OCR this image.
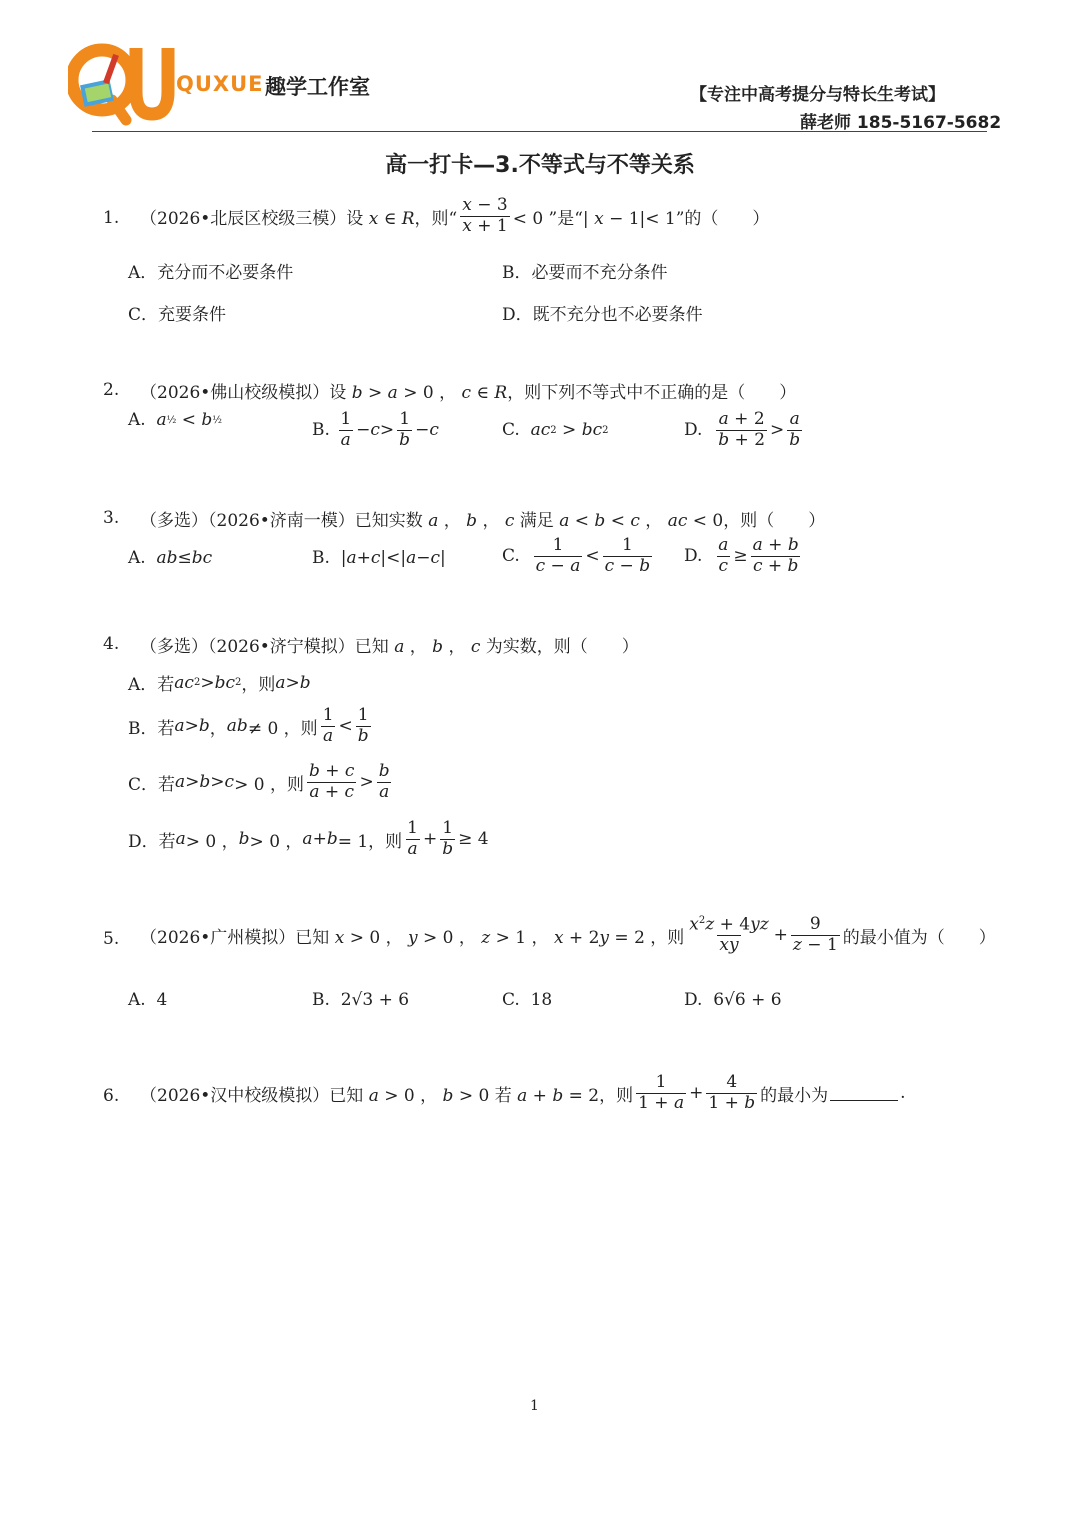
QUXUE 趣学工作室	【专注中高考提分与特长生考试】
薛老师 185-5167-5682
高一打卡—3.不等式与不等关系
1. （2026•北辰区校级三模） 设 x ∈ R，则“ $\frac{x - 3}{x + 1} < 0$ ”是“| x − 1|< 1”的（　　）
A．充分而不必要条件	B．必要而不充分条件
C．充要条件	D．既不充分也不必要条件
2. （2026•佛山校级模拟） 设 b > a > 0 ， c ∈ R ，则下列不等式中不正确的是（　　）
A. a ½ < b ½
B. $\frac{1}{a} - c > \frac{1}{b} - c$	C. ac 2 > bc 2	D. $\frac{a + 2}{b + 2} > \frac{a}{b}$
3. （多选）（2026•济南一模） 已知实数 a ， b ， c 满足 a < b < c ， ac < 0 ，则（　　）
A. ab ≤ bc	B.  | a + c |<| a − c |	C. $\frac{1}{c - a} < \frac{1}{c - b} D$. $\frac{a}{c} \ge \frac{a + b}{c + b}$
4. （多选）（2026•济宁模拟） 已知 a ， b ， c 为实数，则（　　）
A．若 ac 2 > bc 2 ，则 a > b
B．若 a > b ， ab ≠ 0 ，则 $\frac{1}{a} < \frac{1}{b}$
C．若 a > b > c > 0 ，则 $\frac{b + c}{a + c} > \frac{b}{a}$
D．若 a > 0 ， b > 0 ， a + b = 1，则 $\frac{1}{a} + \frac{1}{b} \ge 4$
5. （2026•广州模拟） 已知 x > 0 ， y > 0 ， z > 1 ， x + 2y = 2 ，则 $\frac{x^2z + 4yz}{xy} + \frac{9}{z - 1}$ 的最小值为（　　）
A.  4	B.  2√3 + 6	C.  18	D.  6√6 + 6
6. （2026•汉中校级模拟） 已知 a > 0 ， b > 0 若 a + b = 2，则 $\frac{1}{1 + a} + \frac{4}{1 + b}$ 的最小为	.
1
